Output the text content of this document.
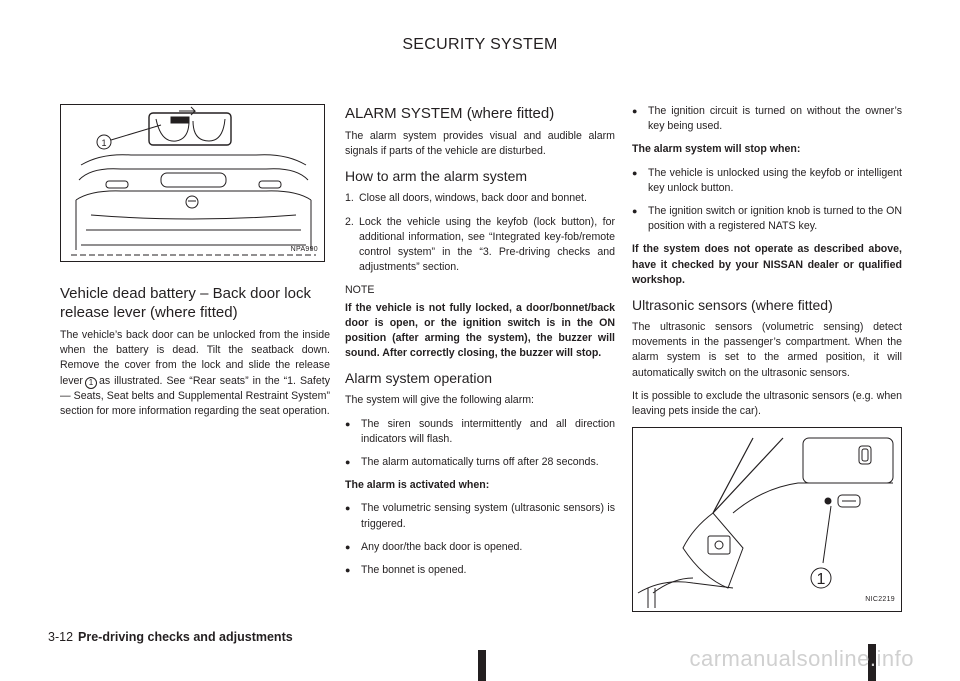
SECURITY SYSTEM
1
NPA990
Vehicle dead battery – Back door lock release lever (where fitted)

The vehicle’s back door can be unlocked from the inside when the battery is dead. Tilt the seatback down. Remove the cover from the lock and slide the release lever 1 as illustrated. See “Rear seats” in the “1. Safety — Seats, Seat belts and Supplemental Restraint System” section for more information regarding the seat operation.

ALARM SYSTEM (where fitted)

The alarm system provides visual and audible alarm signals if parts of the vehicle are disturbed.

How to arm the alarm system
1. Close all doors, windows, back door and bonnet.
2. Lock the vehicle using the keyfob (lock button), for additional information, see “Integrated key-fob/remote control system” in the “3. Pre-driving checks and adjustments” section.

NOTE

If the vehicle is not fully locked, a door/bonnet/back door is open, or the ignition switch is in the ON position (after arming the system), the buzzer will sound. After correctly closing, the buzzer will stop.

Alarm system operation

The system will give the following alarm:

● The siren sounds intermittently and all direction indicators will flash.
● The alarm automatically turns off after 28 seconds.

The alarm is activated when:

● The volumetric sensing system (ultrasonic sensors) is triggered.
● Any door/the back door is opened.
● The bonnet is opened.
● The ignition circuit is turned on without the owner’s key being used.

The alarm system will stop when:

● The vehicle is unlocked using the keyfob or intelligent key unlock button.
● The ignition switch or ignition knob is turned to the ON position with a registered NATS key.

If the system does not operate as described above, have it checked by your NISSAN dealer or qualified workshop.

Ultrasonic sensors (where fitted)

The ultrasonic sensors (volumetric sensing) detect movements in the passenger’s compartment. When the alarm system is set to the armed position, it will automatically switch on the ultrasonic sensors.

It is possible to exclude the ultrasonic sensors (e.g. when leaving pets inside the car).

1
NIC2219
3-12 Pre-driving checks and adjustments
carmanualsonline.info
